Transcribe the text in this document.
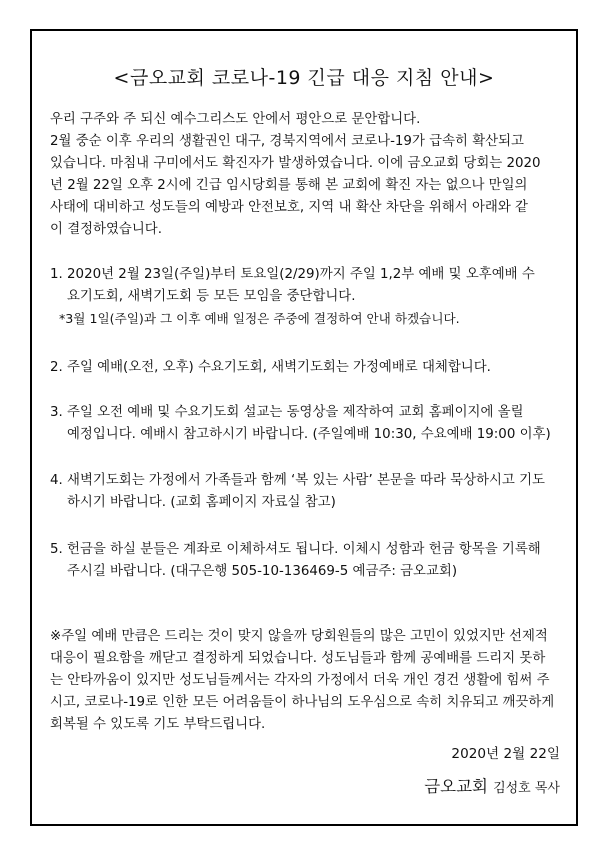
<금오교회 코로나-19 긴급 대응 지침 안내>

우리 구주와 주 되신 예수그리스도 안에서 평안으로 문안합니다.

2월 중순 이후 우리의 생활권인 대구, 경북지역에서 코로나-19가 급속히 확산되고

있습니다. 마침내 구미에서도 확진자가 발생하였습니다. 이에 금오교회 당회는 2020

년 2월 22일 오후 2시에 긴급 임시당회를 통해 본 교회에 확진 자는 없으나 만일의

사태에 대비하고 성도들의 예방과 안전보호, 지역 내 확산 차단을 위해서 아래와 같

이 결정하였습니다.

1. 2020년 2월 23일(주일)부터 토요일(2/29)까지 주일 1,2부 예배 및 오후예배 수

요기도회, 새벽기도회 등 모든 모임을 중단합니다.

*3월 1일(주일)과 그 이후 예배 일정은 주중에 결정하여 안내 하겠습니다.

2. 주일 예배(오전, 오후) 수요기도회, 새벽기도회는 가정예배로 대체합니다.

3. 주일 오전 예배 및 수요기도회 설교는 동영상을 제작하여 교회 홈페이지에 올릴

예정입니다. 예배시 참고하시기 바랍니다. (주일예배 10:30, 수요예배 19:00 이후)

4. 새벽기도회는 가정에서 가족들과 함께 ‘복 있는 사람’ 본문을 따라 묵상하시고 기도

하시기 바랍니다. (교회 홈페이지 자료실 참고)

5. 헌금을 하실 분들은 계좌로 이체하셔도 됩니다. 이체시 성함과 헌금 항목을 기록해

주시길 바랍니다. (대구은행 505-10-136469-5 예금주: 금오교회)

※주일 예배 만큼은 드리는 것이 맞지 않을까 당회원들의 많은 고민이 있었지만 선제적

대응이 필요함을 깨닫고 결정하게 되었습니다. 성도님들과 함께 공예배를 드리지 못하

는 안타까움이 있지만 성도님들께서는 각자의 가정에서 더욱 개인 경건 생활에 힘써 주

시고, 코로나-19로 인한 모든 어려움들이 하나님의 도우심으로 속히 치유되고 깨끗하게

회복될 수 있도록 기도 부탁드립니다.

2020년 2월 22일
금오교회 김성호 목사
